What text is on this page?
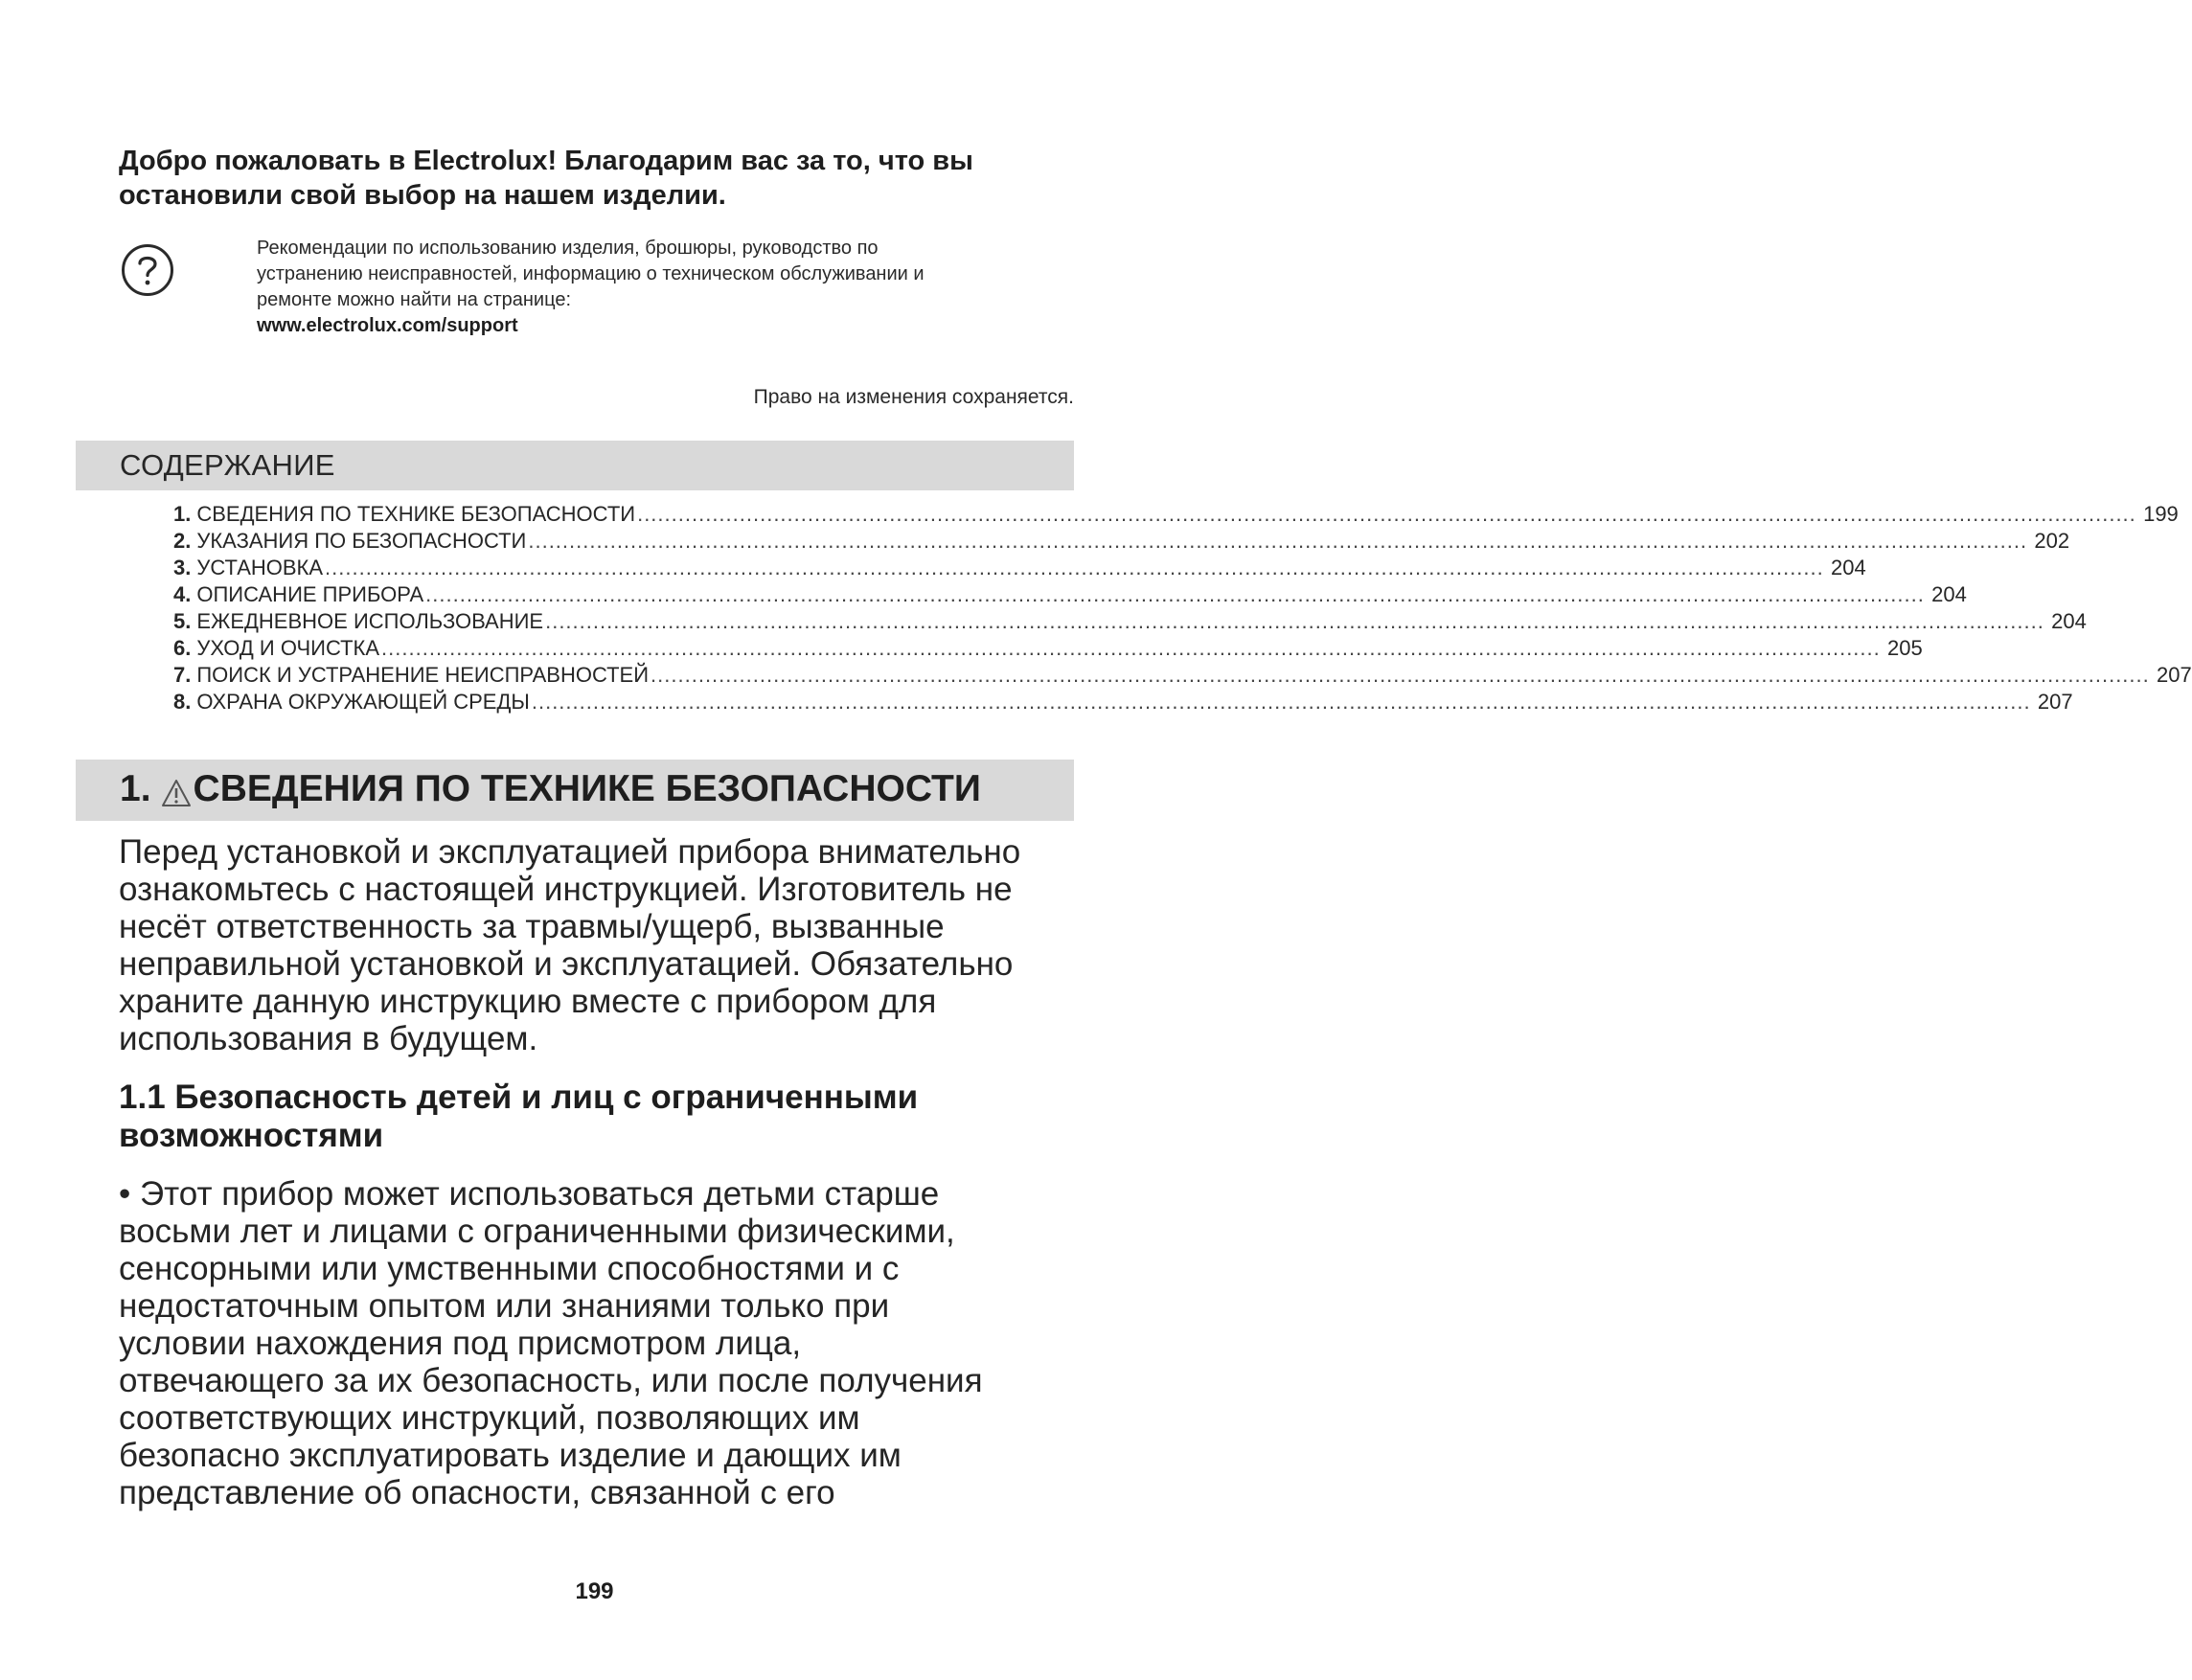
Добро пожаловать в Electrolux! Благодарим вас за то, что вы
остановили свой выбор на нашем изделии.
Рекомендации по использованию изделия, брошюры, руководство по
устранению неисправностей, информацию о техническом обслуживании и
ремонте можно найти на странице:
www.electrolux.com/support
Право на изменения сохраняется.
СОДЕРЖАНИЕ
1. СВЕДЕНИЯ ПО ТЕХНИКЕ БЕЗОПАСНОСТИ ............................................................................................................................................................................................................................ 199
2. УКАЗАНИЯ ПО БЕЗОПАСНОСТИ ............................................................................................................................................................................................................................ 202
3. УСТАНОВКА ............................................................................................................................................................................................................................ 204
4. ОПИСАНИЕ ПРИБОРА ............................................................................................................................................................................................................................ 204
5. ЕЖЕДНЕВНОЕ ИСПОЛЬЗОВАНИЕ ............................................................................................................................................................................................................................ 204
6. УХОД И ОЧИСТКА ............................................................................................................................................................................................................................ 205
7. ПОИСК И УСТРАНЕНИЕ НЕИСПРАВНОСТЕЙ ............................................................................................................................................................................................................................ 207
8. ОХРАНА ОКРУЖАЮЩЕЙ СРЕДЫ ............................................................................................................................................................................................................................ 207
1. СВЕДЕНИЯ ПО ТЕХНИКЕ БЕЗОПАСНОСТИ
Перед установкой и эксплуатацией прибора внимательно
ознакомьтесь с настоящей инструкцией. Изготовитель не
несёт ответственность за травмы/ущерб, вызванные
неправильной установкой и эксплуатацией. Обязательно
храните данную инструкцию вместе с прибором для
использования в будущем.
1.1 Безопасность детей и лиц с ограниченными
возможностями
• Этот прибор может использоваться детьми старше
восьми лет и лицами с ограниченными физическими,
сенсорными или умственными способностями и с
недостаточным опытом или знаниями только при
условии нахождения под присмотром лица,
отвечающего за их безопасность, или после получения
соответствующих инструкций, позволяющих им
безопасно эксплуатировать изделие и дающих им
представление об опасности, связанной с его
199
